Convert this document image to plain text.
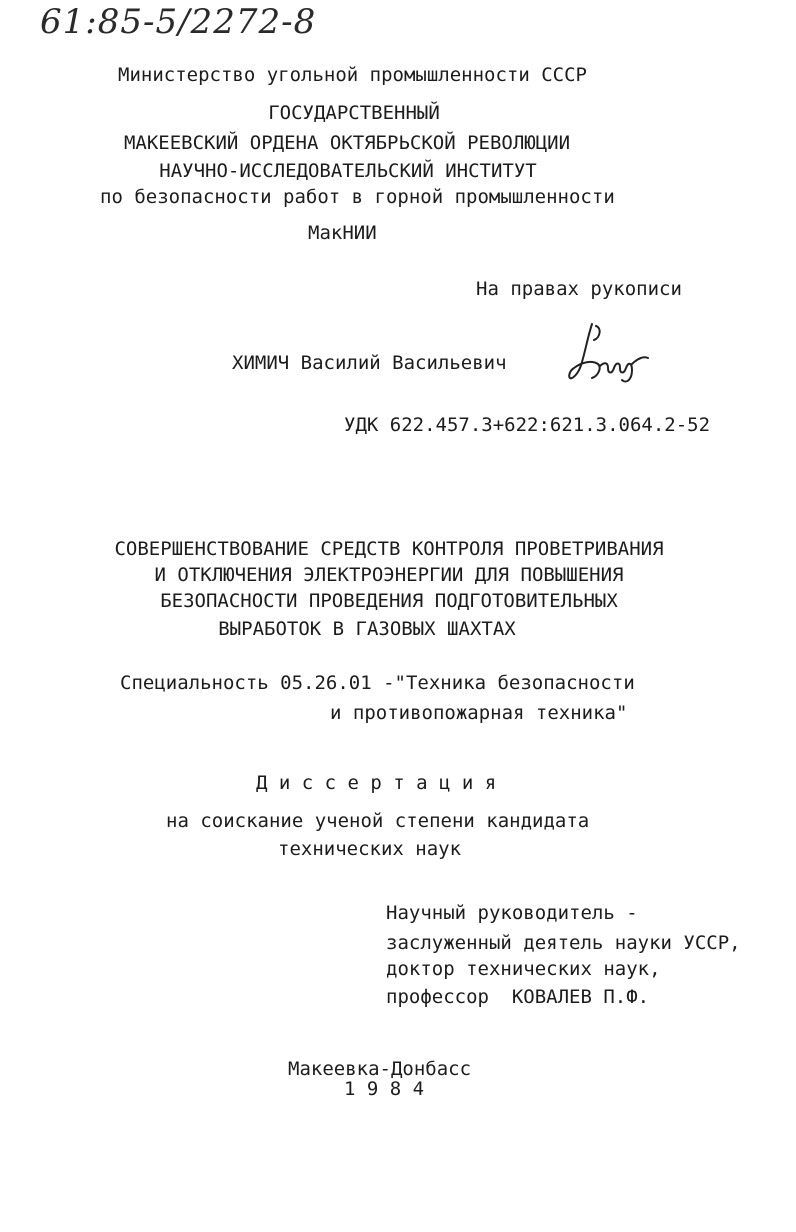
61:85-5/2272-8
Министерство угольной промышленности СССР
ГОСУДАРСТВЕННЫЙ
МАКЕЕВСКИЙ ОРДЕНА ОКТЯБРЬСКОЙ РЕВОЛЮЦИИ
НАУЧНО-ИССЛЕДОВАТЕЛЬСКИЙ ИНСТИТУТ
по безопасности работ в горной промышленности
МакНИИ
На правах рукописи
ХИМИЧ Василий Васильевич
УДК 622.457.3+622:621.3.064.2-52
СОВЕРШЕНСТВОВАНИЕ СРЕДСТВ КОНТРОЛЯ ПРОВЕТРИВАНИЯ
И ОТКЛЮЧЕНИЯ ЭЛЕКТРОЭНЕРГИИ ДЛЯ ПОВЫШЕНИЯ
БЕЗОПАСНОСТИ ПРОВЕДЕНИЯ ПОДГОТОВИТЕЛЬНЫХ
ВЫРАБОТОК В ГАЗОВЫХ ШАХТАХ
Специальность 05.26.01 -"Техника безопасности
и противопожарная техника"
Д и с с е р т а ц и я
на соискание ученой степени кандидата
технических наук
Научный руководитель -
заслуженный деятель науки УССР,
доктор технических наук,
профессор  КОВАЛЕВ П.Ф.
Макеевка-Донбасс
1 9 8 4
